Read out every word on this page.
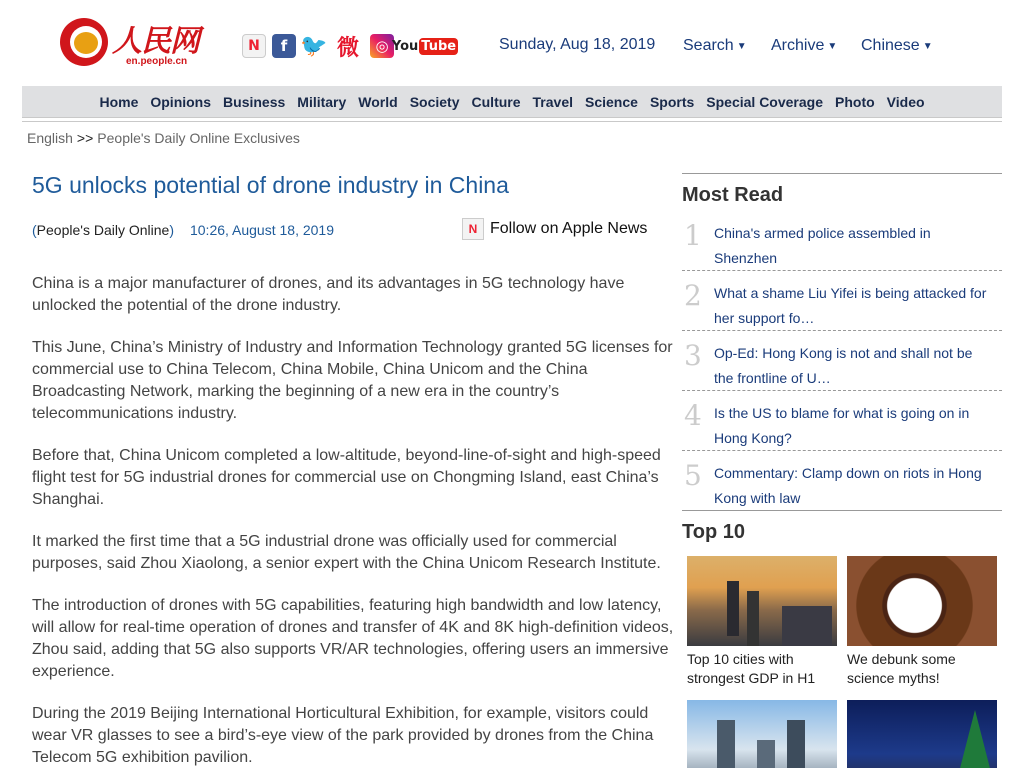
人民网
en.people.cn
N	f 🐦 微	◎ You Tube	Sunday, Aug 18, 2019 Search ▼ Archive ▼ Chinese ▼
Home Opinions Business Military World Society Culture Travel Science Sports Special Coverage Photo Video
English >> People's Daily Online Exclusives
5G unlocks potential of drone industry in China
(People's Daily Online) 10:26, August 18, 2019	N Follow on Apple News

China is a major manufacturer of drones, and its advantages in 5G technology have unlocked the potential of the drone industry.

This June, China’s Ministry of Industry and Information Technology granted 5G licenses for commercial use to China Telecom, China Mobile, China Unicom and the China Broadcasting Network, marking the beginning of a new era in the country’s telecommunications industry.

Before that, China Unicom completed a low-altitude, beyond-line-of-sight and high-speed flight test for 5G industrial drones for commercial use on Chongming Island, east China’s Shanghai.

It marked the first time that a 5G industrial drone was officially used for commercial purposes, said Zhou Xiaolong, a senior expert with the China Unicom Research Institute.

The introduction of drones with 5G capabilities, featuring high bandwidth and low latency, will allow for real-time operation of drones and transfer of 4K and 8K high-definition videos, Zhou said, adding that 5G also supports VR/AR technologies, offering users an immersive experience.

During the 2019 Beijing International Horticultural Exhibition, for example, visitors could wear VR glasses to see a bird’s-eye view of the park provided by drones from the China Telecom 5G exhibition pavilion.

Most Read
1 China's armed police assembled in Shenzhen
2 What a shame Liu Yifei is being attacked for her support fo…
3 Op-Ed: Hong Kong is not and shall not be the frontline of U…
4 Is the US to blame for what is going on in Hong Kong?
5 Commentary: Clamp down on riots in Hong Kong with law
Top 10
Top 10 cities with strongest GDP in H1
We debunk some science myths!
